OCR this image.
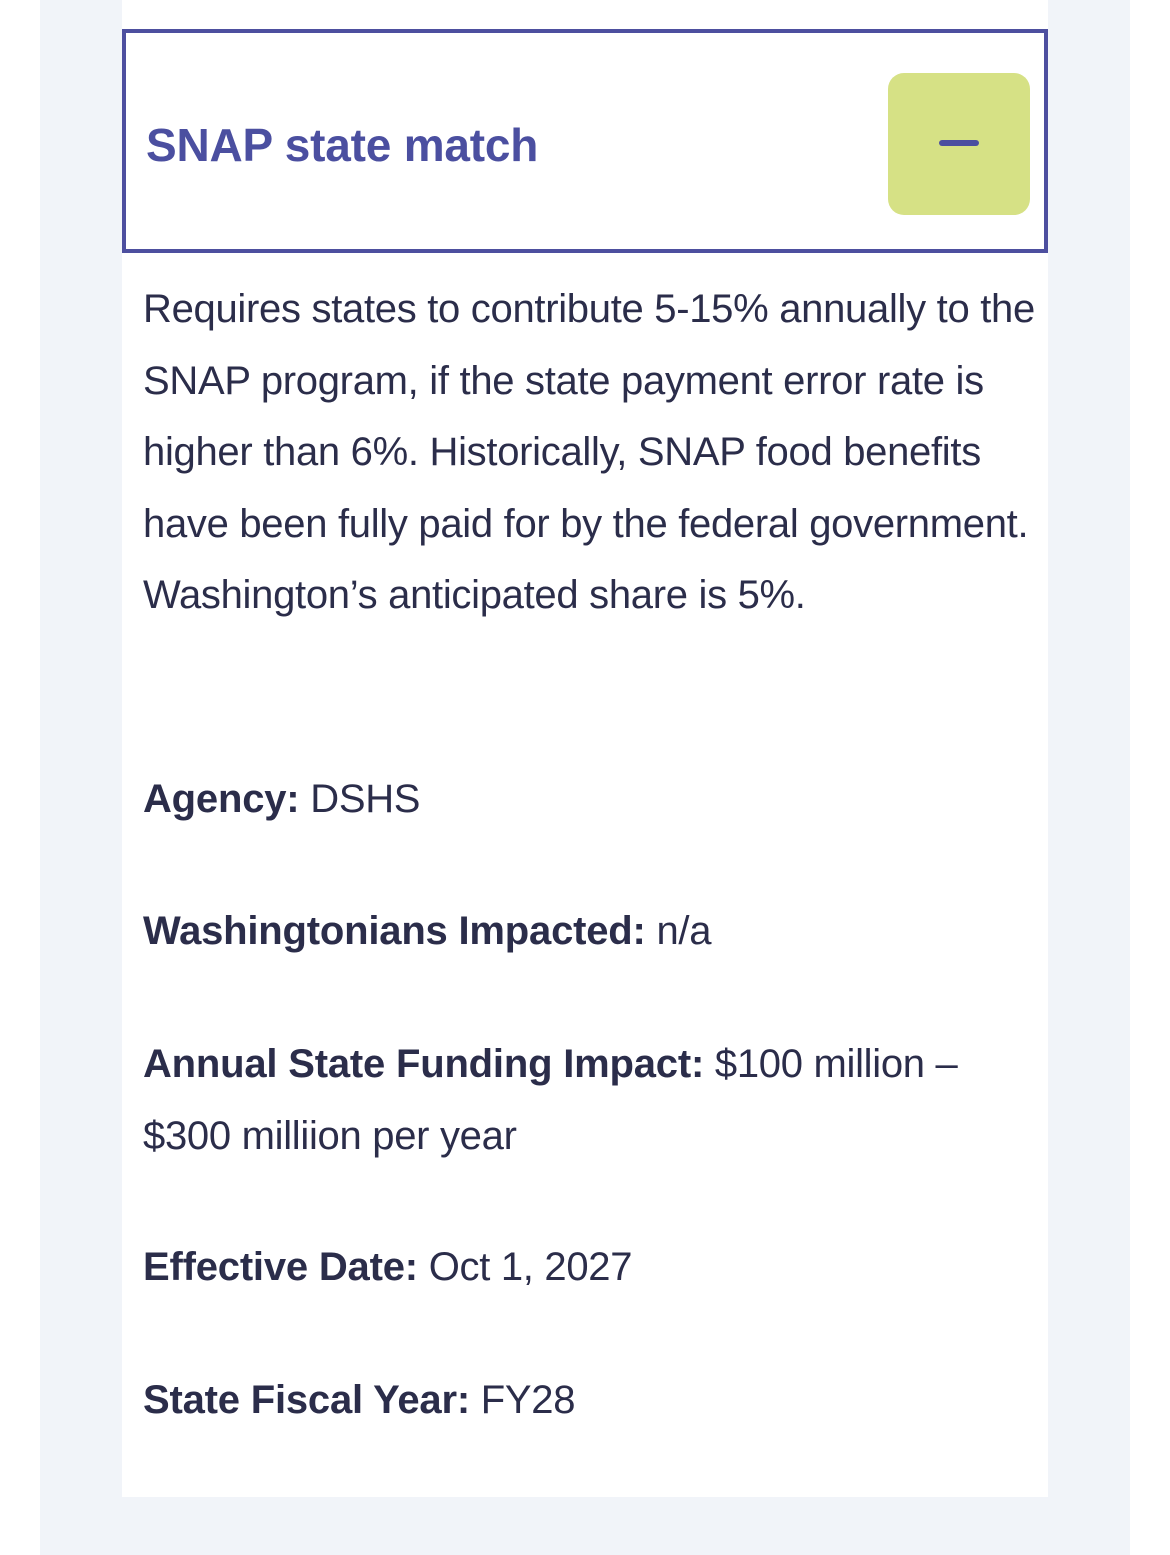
SNAP state match

Requires states to contribute 5-15% annually to the SNAP program, if the state payment error rate is higher than 6%. Historically, SNAP food benefits have been fully paid for by the federal government. Washington’s anticipated share is 5%.

Agency: DSHS

Washingtonians Impacted: n/a

Annual State Funding Impact: $100 million – $300 milliion per year

Effective Date: Oct 1, 2027

State Fiscal Year: FY28
